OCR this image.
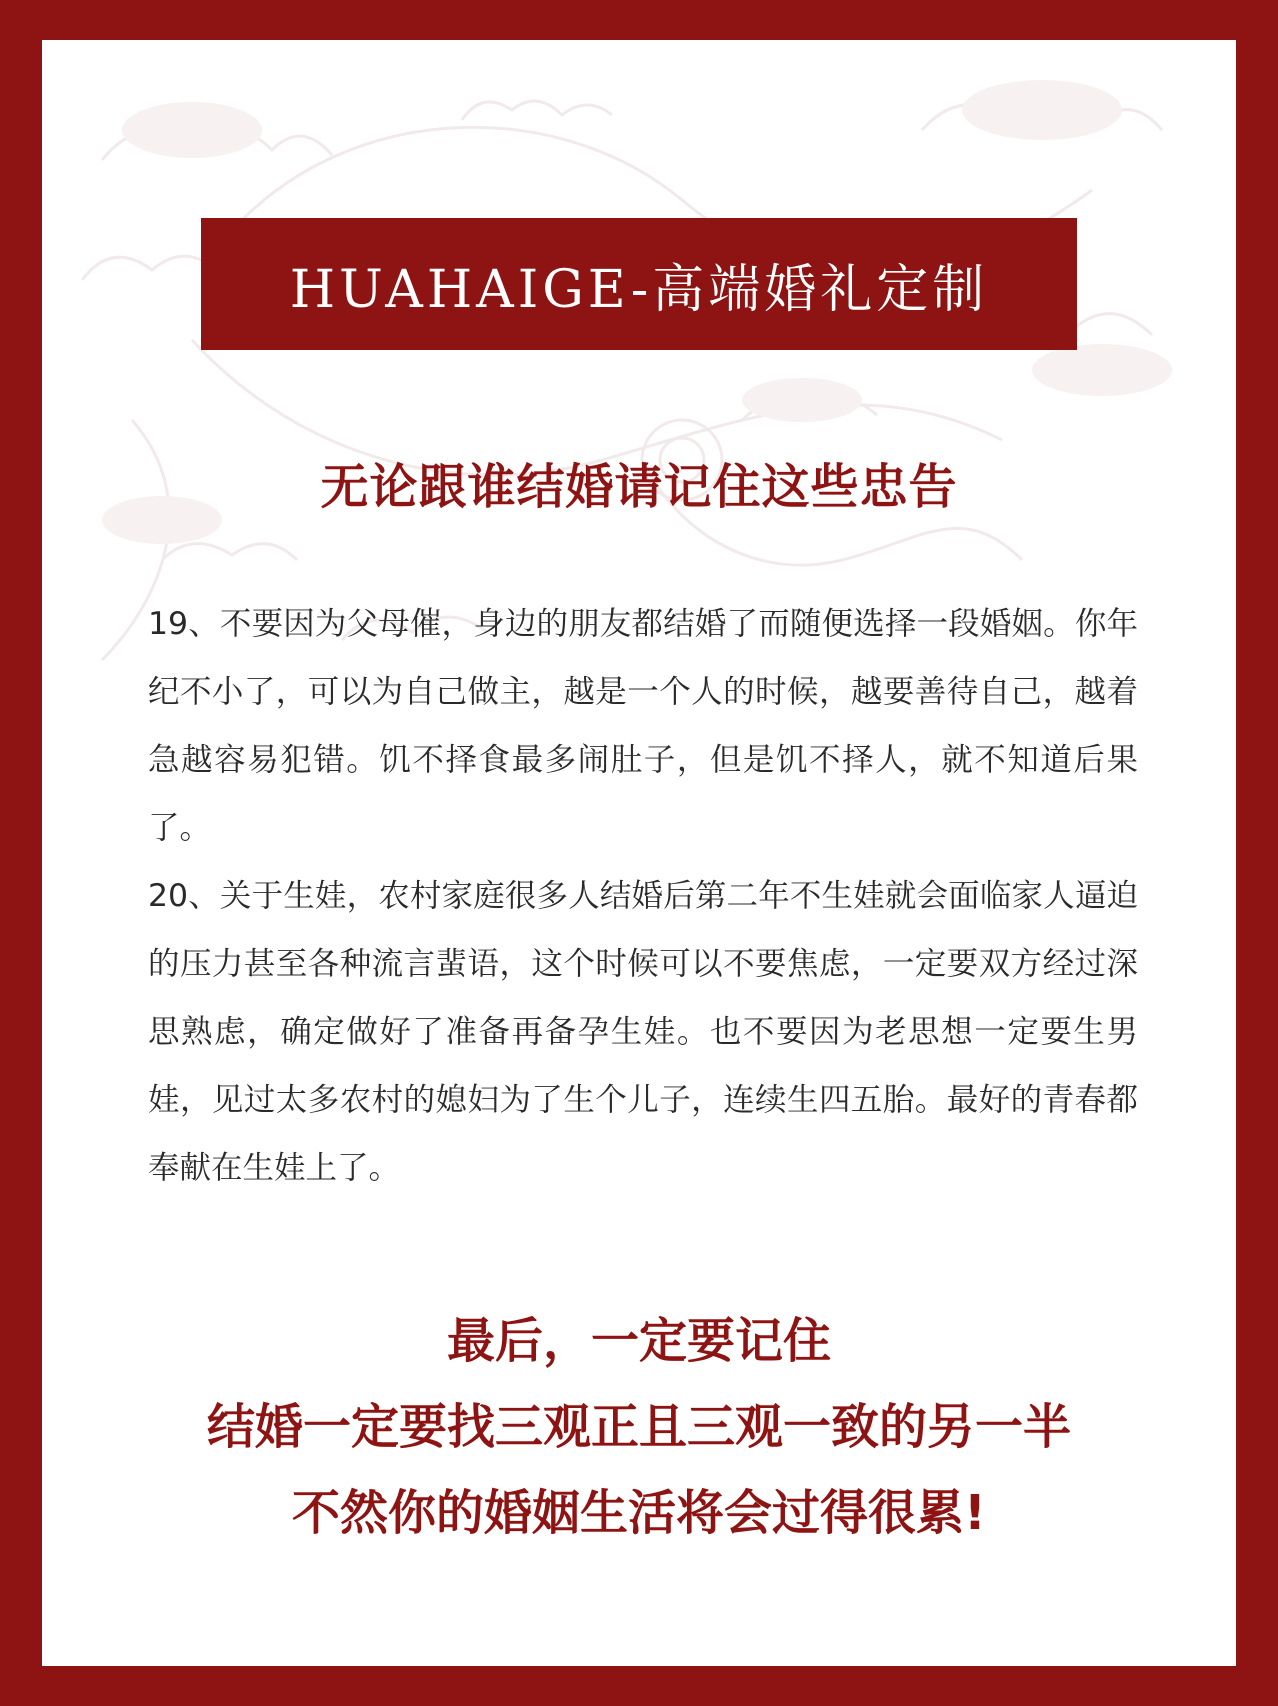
HUAHAIGE-高端婚礼定制
无论跟谁结婚请记住这些忠告

19、不要因为父母催，身边的朋友都结婚了而随便选择一段婚姻。你年纪不小了，可以为自己做主，越是一个人的时候，越要善待自己，越着急越容易犯错。饥不择食最多闹肚子，但是饥不择人，就不知道后果了。

20、关于生娃，农村家庭很多人结婚后第二年不生娃就会面临家人逼迫的压力甚至各种流言蜚语，这个时候可以不要焦虑，一定要双方经过深思熟虑，确定做好了准备再备孕生娃。也不要因为老思想一定要生男娃，见过太多农村的媳妇为了生个儿子，连续生四五胎。最好的青春都奉献在生娃上了。

最后，一定要记住
结婚一定要找三观正且三观一致的另一半
不然你的婚姻生活将会过得很累!
